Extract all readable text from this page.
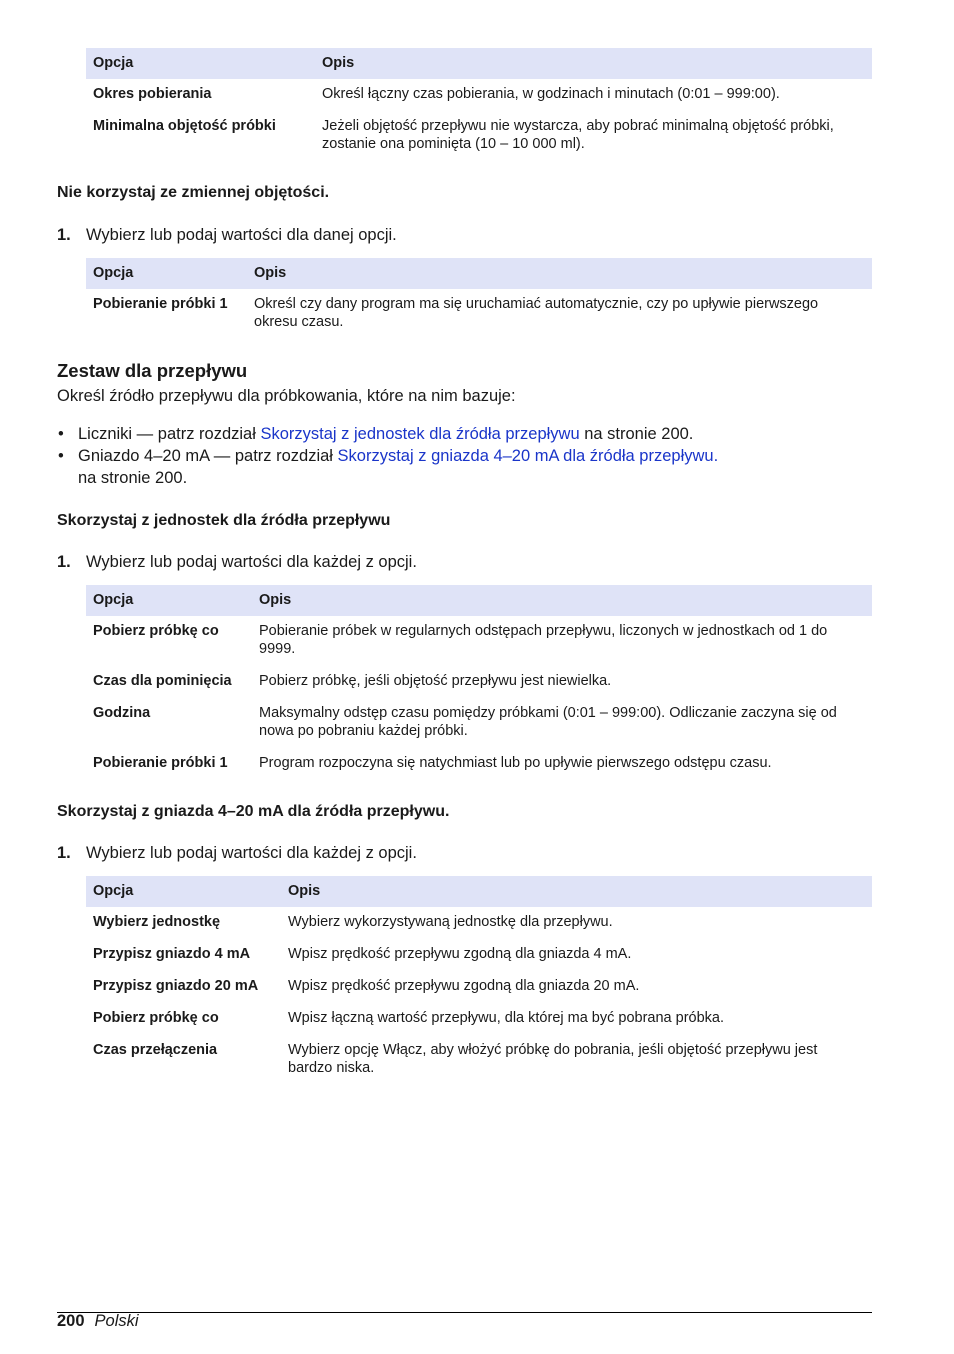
Opcja	Opis
Okres pobierania	Określ łączny czas pobierania, w godzinach i minutach (0:01 – 999:00).
Minimalna objętość próbki	Jeżeli objętość przepływu nie wystarcza, aby pobrać minimalną objętość próbki, zostanie ona pominięta (10 – 10 000 ml).
Nie korzystaj ze zmiennej objętości.
1. Wybierz lub podaj wartości dla danej opcji.
Opcja	Opis
Pobieranie próbki 1	Określ czy dany program ma się uruchamiać automatycznie, czy po upływie pierwszego okresu czasu.
Zestaw dla przepływu
Określ źródło przepływu dla próbkowania, które na nim bazuje:
• Liczniki — patrz rozdział Skorzystaj z jednostek dla źródła przepływu na stronie 200.
• Gniazdo 4–20 mA — patrz rozdział Skorzystaj z gniazda 4–20 mA dla źródła przepływu.
na stronie 200.
Skorzystaj z jednostek dla źródła przepływu
1. Wybierz lub podaj wartości dla każdej z opcji.
Opcja	Opis
Pobierz próbkę co	Pobieranie próbek w regularnych odstępach przepływu, liczonych w jednostkach od 1 do 9999.
Czas dla pominięcia	Pobierz próbkę, jeśli objętość przepływu jest niewielka.
Godzina	Maksymalny odstęp czasu pomiędzy próbkami (0:01 – 999:00). Odliczanie zaczyna się od nowa po pobraniu każdej próbki.
Pobieranie próbki 1	Program rozpoczyna się natychmiast lub po upływie pierwszego odstępu czasu.
Skorzystaj z gniazda 4–20 mA dla źródła przepływu.
1. Wybierz lub podaj wartości dla każdej z opcji.
Opcja	Opis
Wybierz jednostkę	Wybierz wykorzystywaną jednostkę dla przepływu.
Przypisz gniazdo 4 mA	Wpisz prędkość przepływu zgodną dla gniazda 4 mA.
Przypisz gniazdo 20 mA	Wpisz prędkość przepływu zgodną dla gniazda 20 mA.
Pobierz próbkę co	Wpisz łączną wartość przepływu, dla której ma być pobrana próbka.
Czas przełączenia	Wybierz opcję Włącz, aby włożyć próbkę do pobrania, jeśli objętość przepływu jest bardzo niska.
200 Polski
